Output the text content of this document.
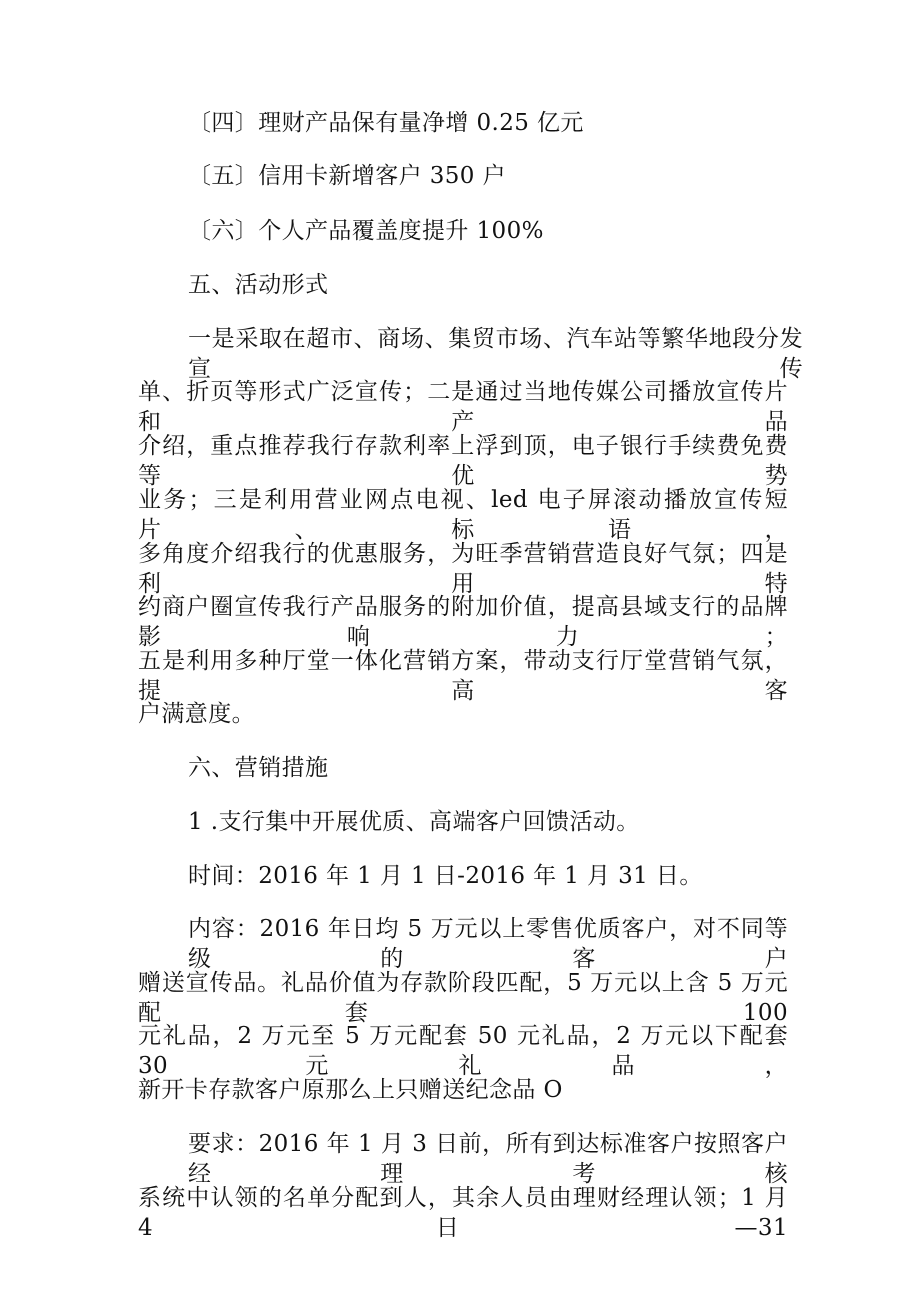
〔四〕理财产品保有量净增 0.25 亿元
〔五〕信用卡新增客户 350 户
〔六〕个人产品覆盖度提升 100%
五、活动形式
一是采取在超市、商场、集贸市场、汽车站等繁华地段分发宣传
单、折页等形式广泛宣传；二是通过当地传媒公司播放宣传片和产品
介绍，重点推荐我行存款利率上浮到顶，电子银行手续费免费等优势
业务；三是利用营业网点电视、led 电子屏滚动播放宣传短片、标语，
多角度介绍我行的优惠服务，为旺季营销营造良好气氛；四是利用特
约商户圈宣传我行产品服务的附加价值，提高县域支行的品牌影响力；
五是利用多种厅堂一体化营销方案，带动支行厅堂营销气氛，提高客
户满意度。
六、营销措施
1 .支行集中开展优质、高端客户回馈活动。
时间：2016 年 1 月 1 日-2016 年 1 月 31 日。
内容：2016 年日均 5 万元以上零售优质客户，对不同等级的客户
赠送宣传品。礼品价值为存款阶段匹配，5 万元以上含 5 万元配套 100
元礼品，2 万元至 5 万元配套 50 元礼品，2 万元以下配套 30 元礼品，
新开卡存款客户原那么上只赠送纪念品 O
要求：2016 年 1 月 3 日前，所有到达标准客户按照客户经理考核
系统中认领的名单分配到人，其余人员由理财经理认领；1 月 4 日—31
